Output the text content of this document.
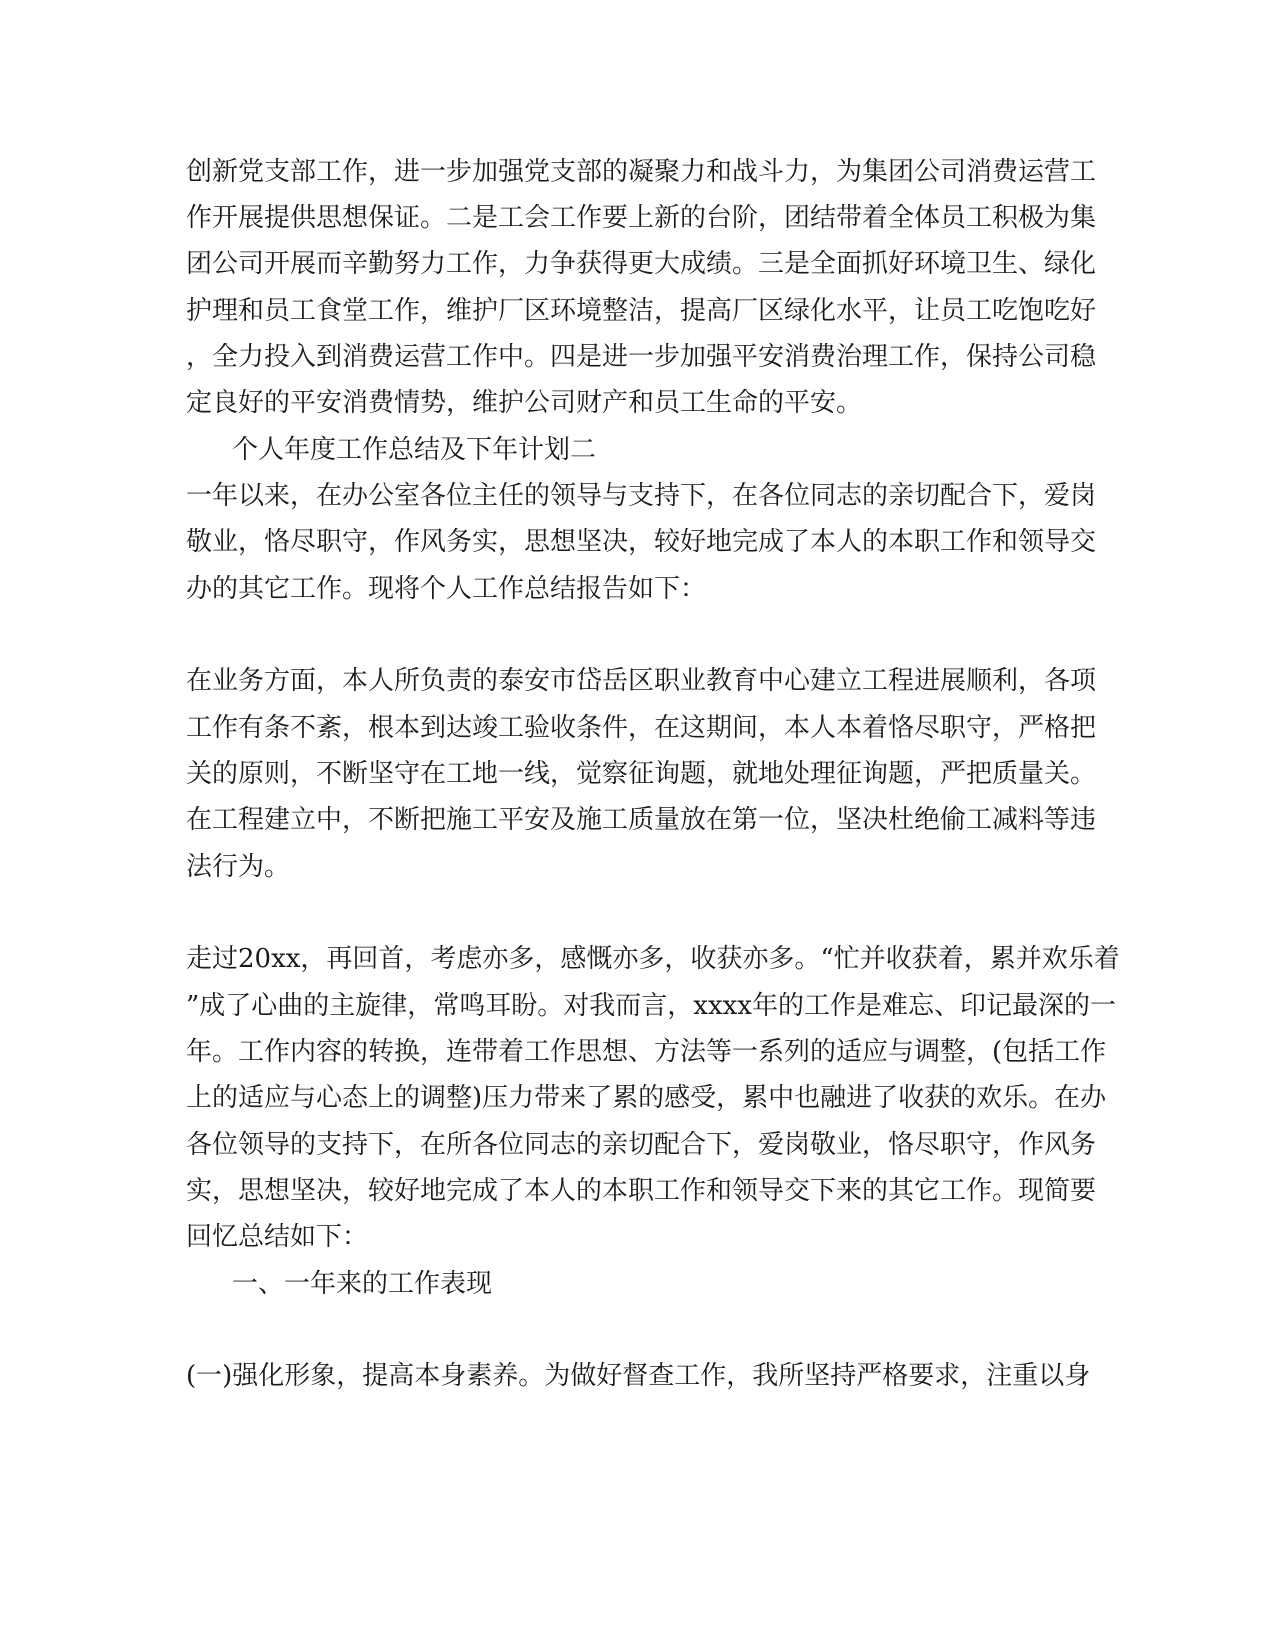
创新党支部工作，进一步加强党支部的凝聚力和战斗力，为集团公司消费运营工
作开展提供思想保证。二是工会工作要上新的台阶，团结带着全体员工积极为集
团公司开展而辛勤努力工作，力争获得更大成绩。三是全面抓好环境卫生、绿化
护理和员工食堂工作，维护厂区环境整洁，提高厂区绿化水平，让员工吃饱吃好
，全力投入到消费运营工作中。四是进一步加强平安消费治理工作，保持公司稳
定良好的平安消费情势，维护公司财产和员工生命的平安。
个人年度工作总结及下年计划二
一年以来，在办公室各位主任的领导与支持下，在各位同志的亲切配合下，爱岗
敬业，恪尽职守，作风务实，思想坚决，较好地完成了本人的本职工作和领导交
办的其它工作。现将个人工作总结报告如下：
在业务方面，本人所负责的泰安市岱岳区职业教育中心建立工程进展顺利，各项
工作有条不紊，根本到达竣工验收条件，在这期间，本人本着恪尽职守，严格把
关的原则，不断坚守在工地一线，觉察征询题，就地处理征询题，严把质量关。
在工程建立中，不断把施工平安及施工质量放在第一位，坚决杜绝偷工减料等违
法行为。
走过20xx，再回首，考虑亦多，感慨亦多，收获亦多。“忙并收获着，累并欢乐着
”成了心曲的主旋律，常鸣耳盼。对我而言，xxxx年的工作是难忘、印记最深的一
年。工作内容的转换，连带着工作思想、方法等一系列的适应与调整，(包括工作
上的适应与心态上的调整)压力带来了累的感受，累中也融进了收获的欢乐。在办
各位领导的支持下，在所各位同志的亲切配合下，爱岗敬业，恪尽职守，作风务
实，思想坚决，较好地完成了本人的本职工作和领导交下来的其它工作。现简要
回忆总结如下：
一、一年来的工作表现
(一)强化形象，提高本身素养。为做好督查工作，我所坚持严格要求，注重以身
